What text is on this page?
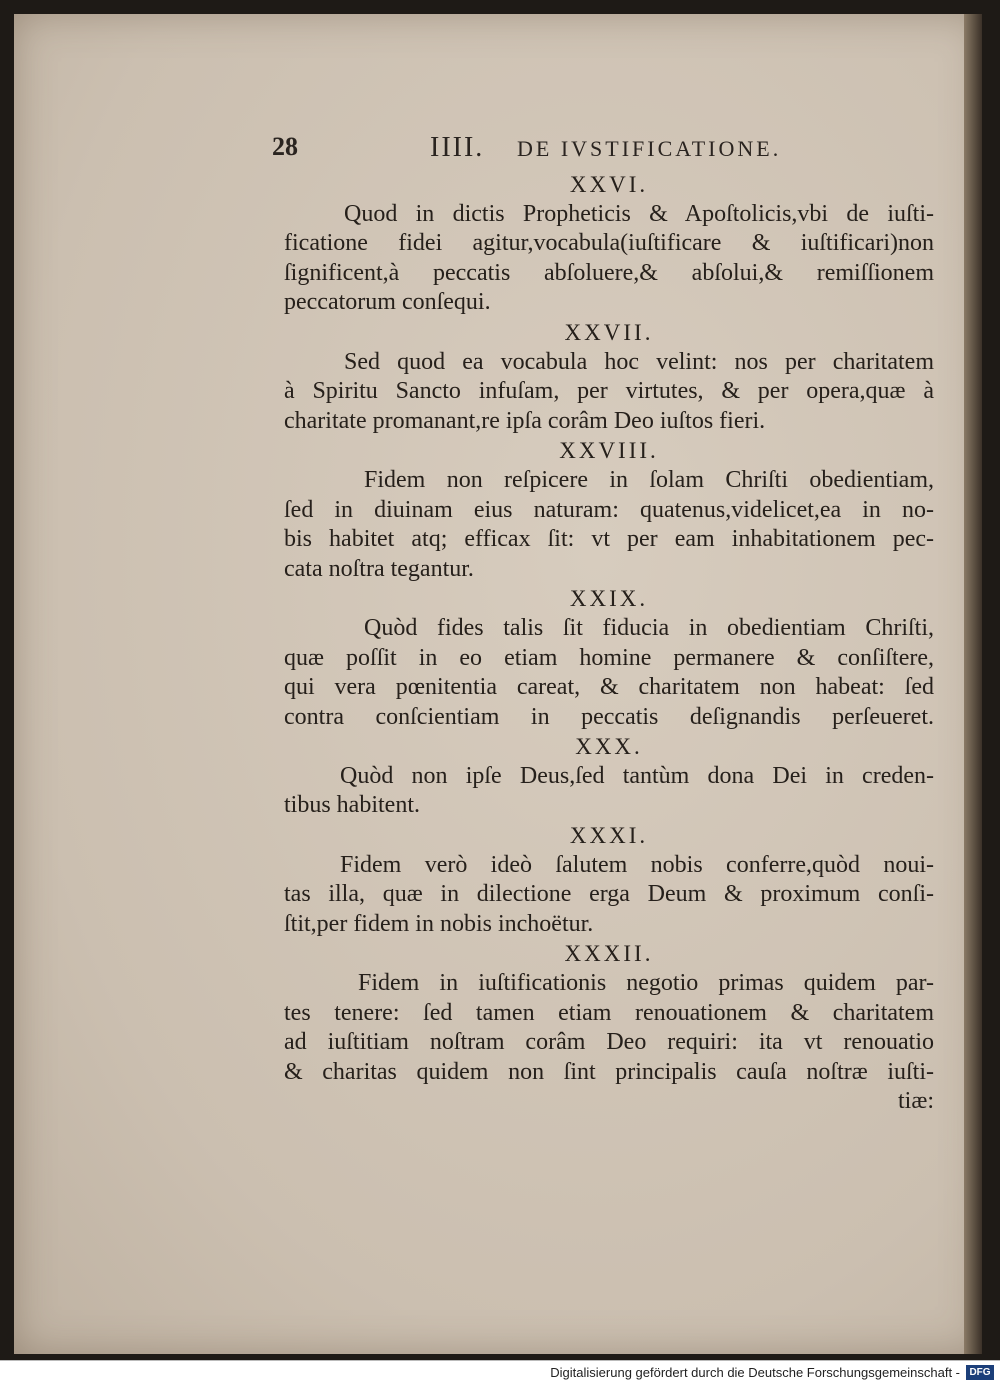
28	IIII. DE IVSTIFICATIONE.
XXVI.
Quod in dictis Propheticis & Apoſtolicis,vbi de iuſti-
ficatione fidei agitur,vocabula(iuſtificare & iuſtificari)non
ſignificent,à peccatis abſoluere,& abſolui,& remiſſionem
peccatorum conſequi.
XXVII.
Sed quod ea vocabula hoc velint: nos per charitatem
à Spiritu Sancto infuſam, per virtutes, & per opera,quæ à
charitate promanant,re ipſa corâm Deo iuſtos fieri.
XXVIII.
Fidem non reſpicere in ſolam Chriſti obedientiam,
ſed in diuinam eius naturam: quatenus,videlicet,ea in no-
bis habitet atq; efficax ſit: vt per eam inhabitationem pec-
cata noſtra tegantur.
XXIX.
Quòd fides talis ſit fiducia in obedientiam Chriſti,
quæ poſſit in eo etiam homine permanere & conſiſtere,
qui vera pœnitentia careat, & charitatem non habeat: ſed
contra conſcientiam in peccatis deſignandis perſeueret.
XXX.
Quòd non ipſe Deus,ſed tantùm dona Dei in creden-
tibus habitent.
XXXI.
Fidem verò ideò ſalutem nobis conferre,quòd noui-
tas illa, quæ in dilectione erga Deum & proximum conſi-
ſtit,per fidem in nobis inchoëtur.
XXXII.
Fidem in iuſtificationis negotio primas quidem par-
tes tenere: ſed tamen etiam renouationem & charitatem
ad iuſtitiam noſtram corâm Deo requiri: ita vt renouatio
& charitas quidem non ſint principalis cauſa noſtræ iuſti-
tiæ:
Digitalisierung gefördert durch die Deutsche Forschungsgemeinschaft - DFG
